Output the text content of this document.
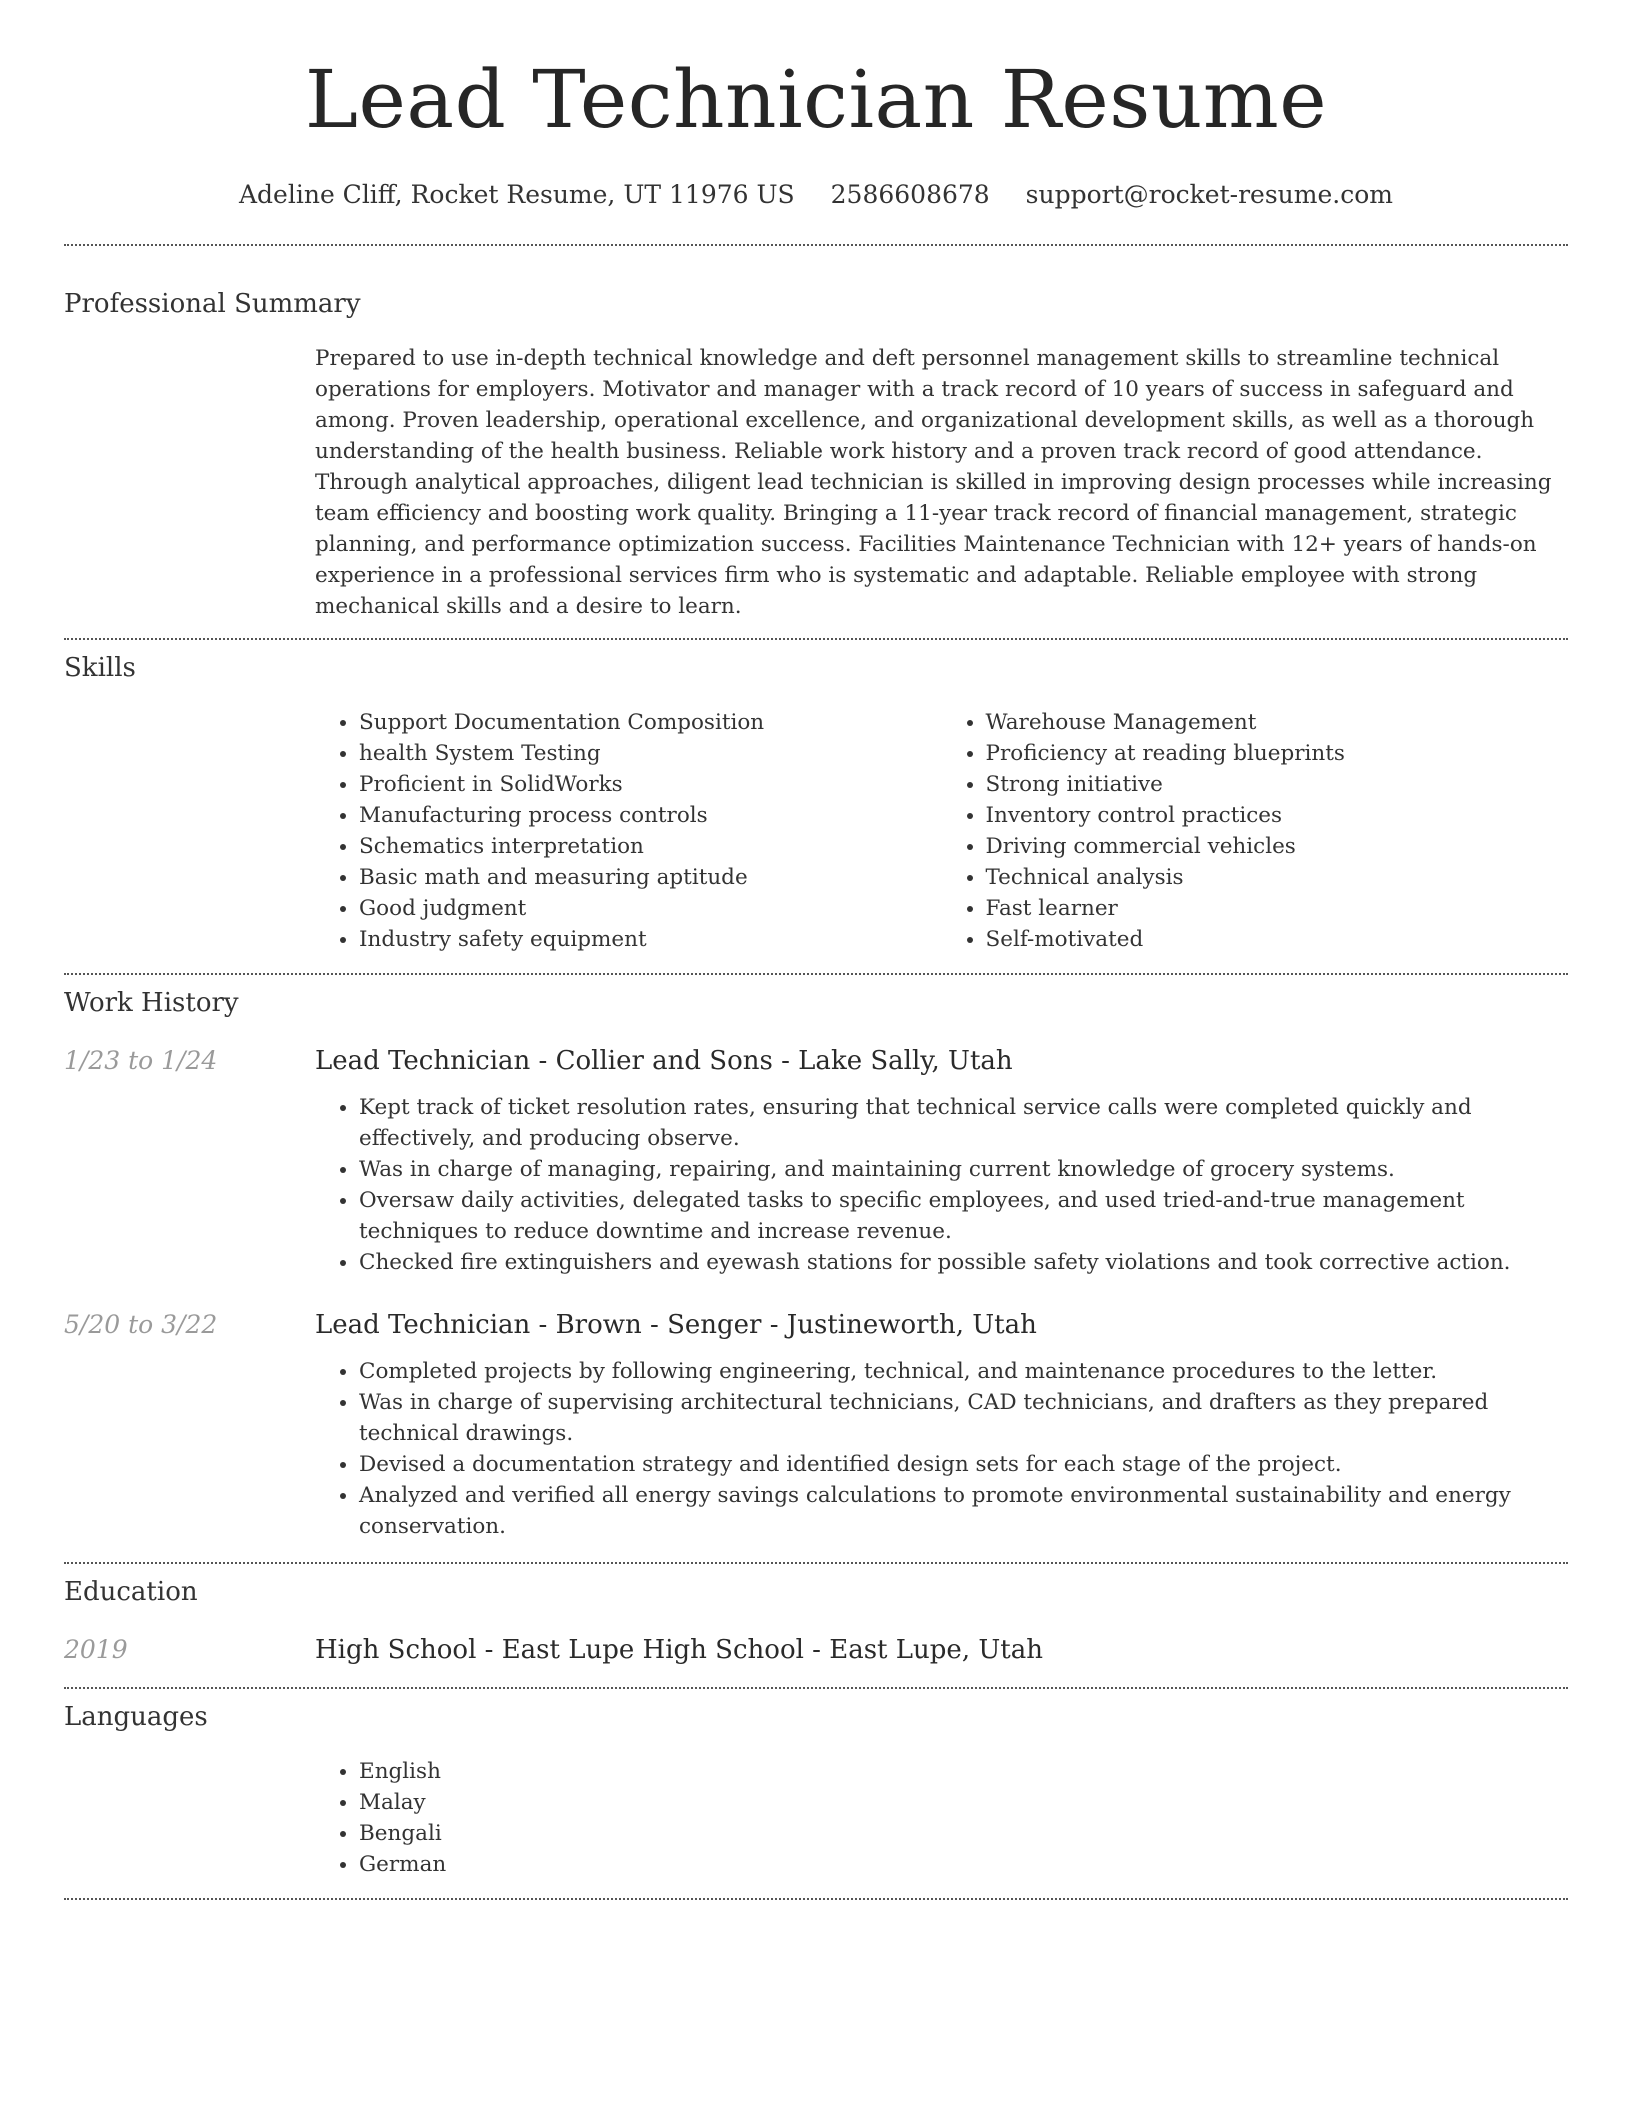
Lead Technician Resume
Adeline Cliff, Rocket Resume, UT 11976 US 2586608678 support@rocket-resume.com
Professional Summary

Prepared to use in-depth technical knowledge and deft personnel management skills to streamline technical operations for employers. Motivator and manager with a track record of 10 years of success in safeguard and among. Proven leadership, operational excellence, and organizational development skills, as well as a thorough understanding of the health business. Reliable work history and a proven track record of good attendance. Through analytical approaches, diligent lead technician is skilled in improving design processes while increasing team efficiency and boosting work quality. Bringing a 11-year track record of financial management, strategic planning, and performance optimization success. Facilities Maintenance Technician with 12+ years of hands-on experience in a professional services firm who is systematic and adaptable. Reliable employee with strong mechanical skills and a desire to learn.

Skills
• Support Documentation Composition
• health System Testing
• Proficient in SolidWorks
• Manufacturing process controls
• Schematics interpretation
• Basic math and measuring aptitude
• Good judgment
• Industry safety equipment
• Warehouse Management
• Proficiency at reading blueprints
• Strong initiative
• Inventory control practices
• Driving commercial vehicles
• Technical analysis
• Fast learner
• Self-motivated
Work History
1/23 to 1/24	Lead Technician - Collier and Sons - Lake Sally, Utah
• Kept track of ticket resolution rates, ensuring that technical service calls were completed quickly and effectively, and producing observe.
• Was in charge of managing, repairing, and maintaining current knowledge of grocery systems.
• Oversaw daily activities, delegated tasks to specific employees, and used tried-and-true management techniques to reduce downtime and increase revenue.
• Checked fire extinguishers and eyewash stations for possible safety violations and took corrective action.
5/20 to 3/22	Lead Technician - Brown - Senger - Justineworth, Utah
• Completed projects by following engineering, technical, and maintenance procedures to the letter.
• Was in charge of supervising architectural technicians, CAD technicians, and drafters as they prepared technical drawings.
• Devised a documentation strategy and identified design sets for each stage of the project.
• Analyzed and verified all energy savings calculations to promote environmental sustainability and energy conservation.
Education
2019	High School - East Lupe High School - East Lupe, Utah
Languages
• English
• Malay
• Bengali
• German
